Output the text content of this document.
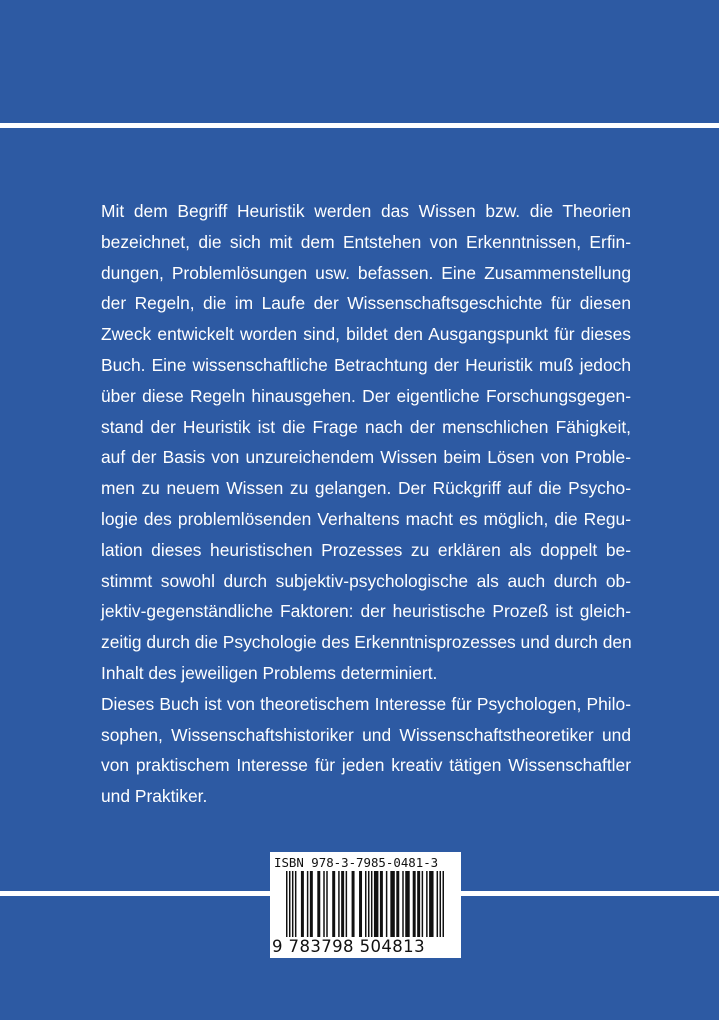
Mit dem Begriff Heuristik werden das Wissen bzw. die Theorien
bezeichnet, die sich mit dem Entstehen von Erkenntnissen, Erfin-
dungen, Problemlösungen usw. befassen. Eine Zusammenstellung
der Regeln, die im Laufe der Wissenschaftsgeschichte für diesen
Zweck entwickelt worden sind, bildet den Ausgangspunkt für dieses
Buch. Eine wissenschaftliche Betrachtung der Heuristik muß jedoch
über diese Regeln hinausgehen. Der eigentliche Forschungsgegen-
stand der Heuristik ist die Frage nach der menschlichen Fähigkeit,
auf der Basis von unzureichendem Wissen beim Lösen von Proble-
men zu neuem Wissen zu gelangen. Der Rückgriff auf die Psycho-
logie des problemlösenden Verhaltens macht es möglich, die Regu-
lation dieses heuristischen Prozesses zu erklären als doppelt be-
stimmt sowohl durch subjektiv-psychologische als auch durch ob-
jektiv-gegenständliche Faktoren: der heuristische Prozeß ist gleich-
zeitig durch die Psychologie des Erkenntnisprozesses und durch den
Inhalt des jeweiligen Problems determiniert.
Dieses Buch ist von theoretischem Interesse für Psychologen, Philo-
sophen, Wissenschaftshistoriker und Wissenschaftstheoretiker und
von praktischem Interesse für jeden kreativ tätigen Wissenschaftler
und Praktiker.
ISBN 978-3-7985-0481-3
9 783798 504813
